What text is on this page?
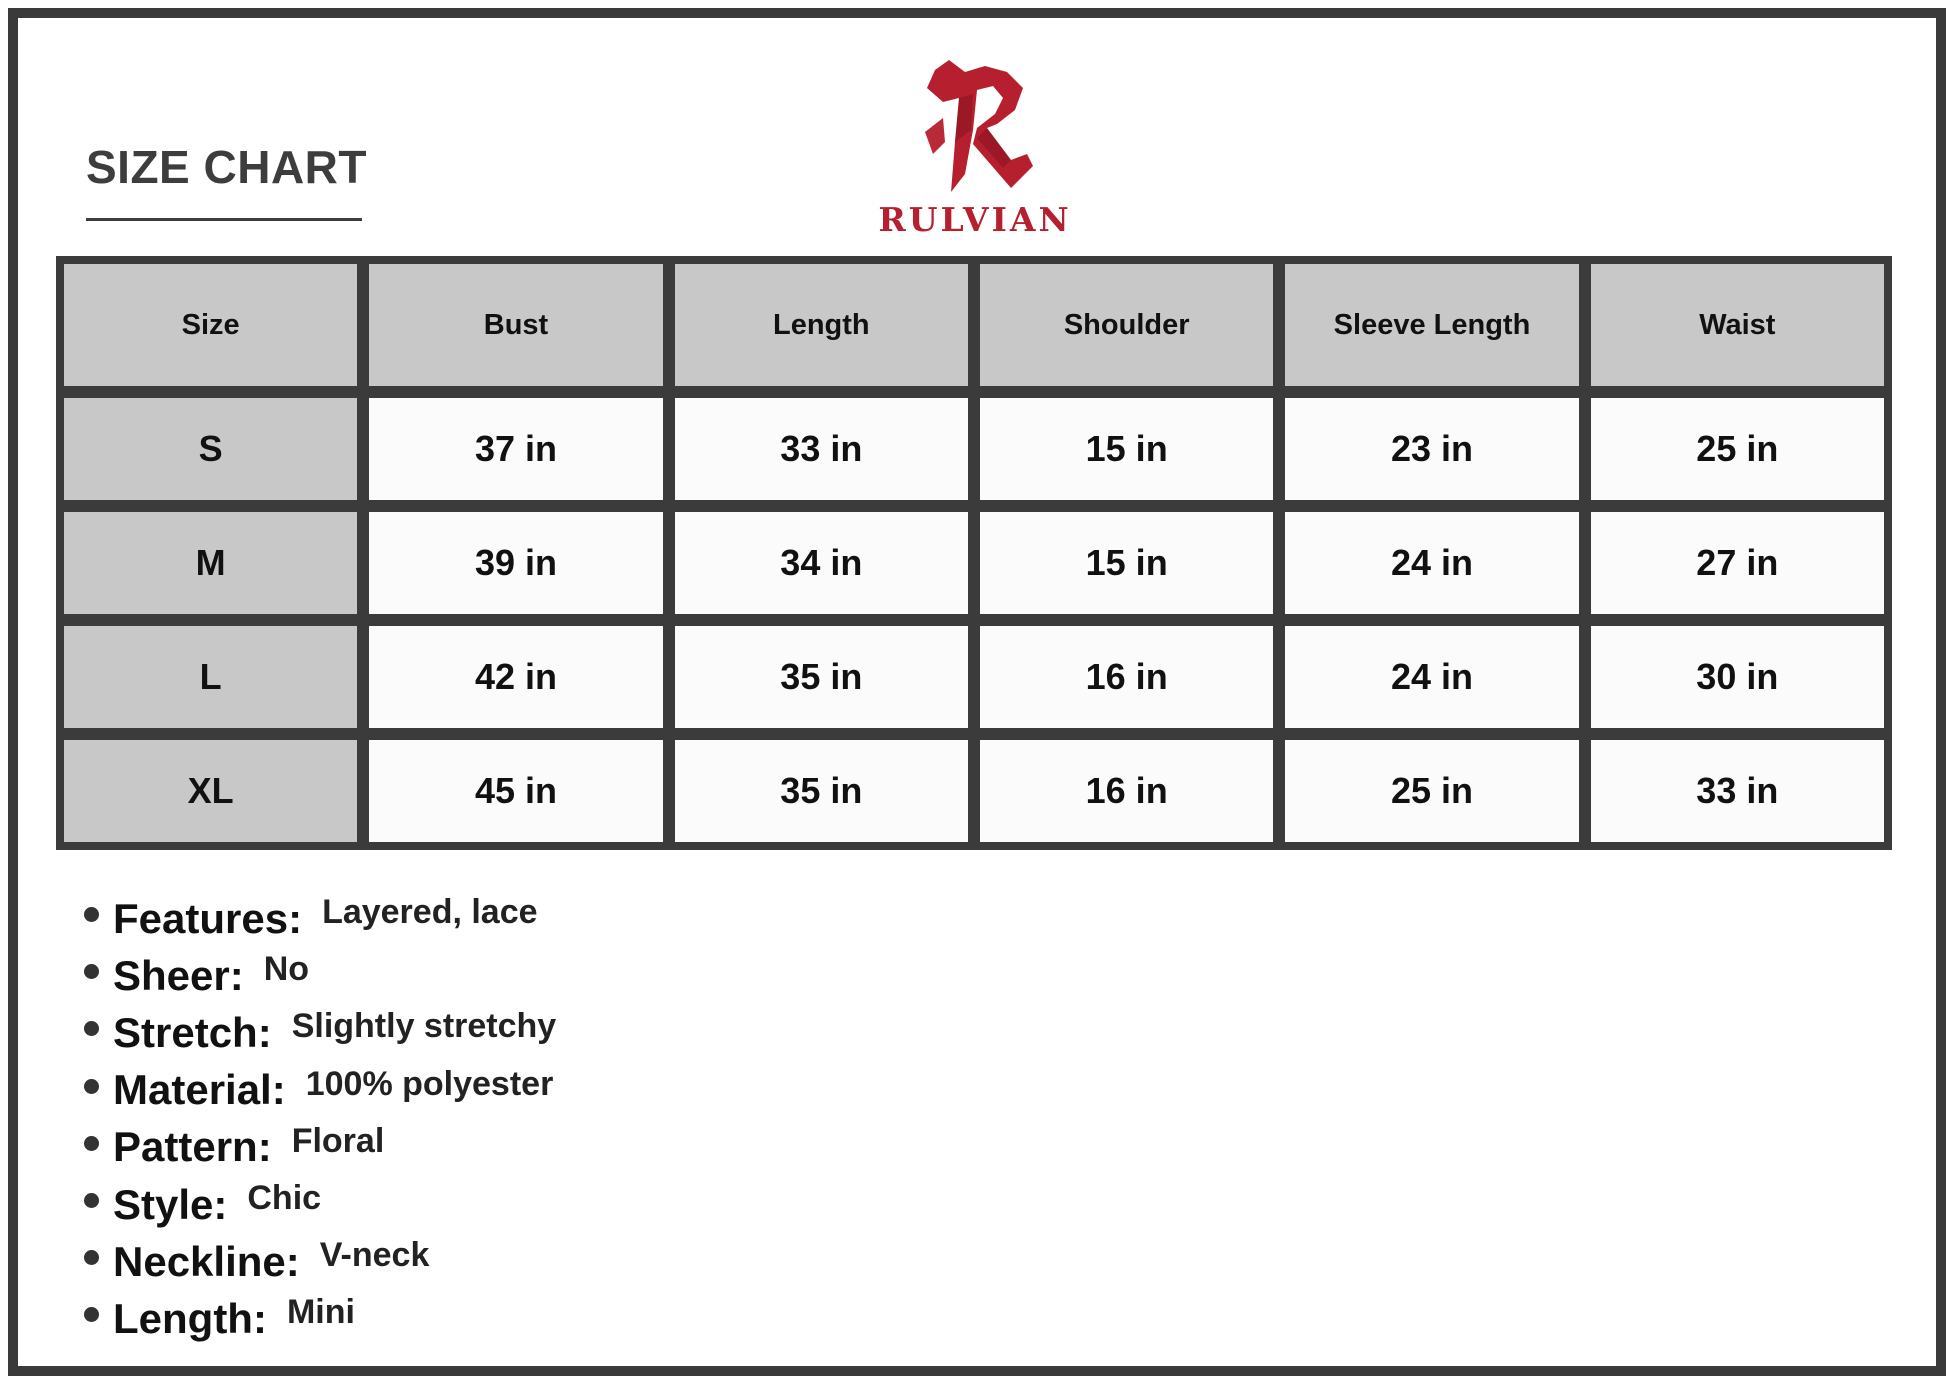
SIZE CHART
RULVIAN
Size	Bust	Length	Shoulder	Sleeve Length	Waist
S	37 in	33 in	15 in	23 in	25 in
M	39 in	34 in	15 in	24 in	27 in
L	42 in	35 in	16 in	24 in	30 in
XL	45 in	35 in	16 in	25 in	33 in
Features: Layered, lace
Sheer: No
Stretch: Slightly stretchy
Material: 100% polyester
Pattern: Floral
Style: Chic
Neckline: V-neck
Length: Mini
